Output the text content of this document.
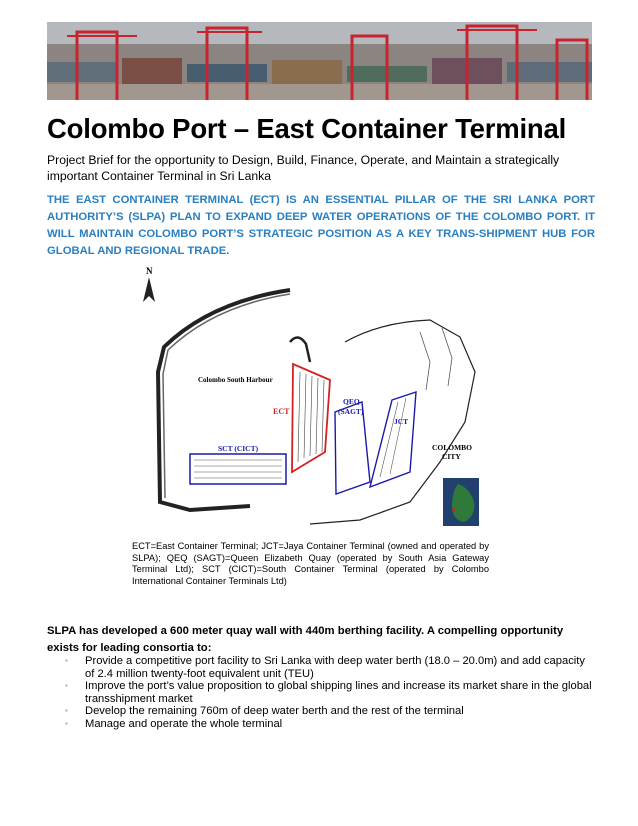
Colombo Port – East Container Terminal
Project Brief for the opportunity to Design, Build, Finance, Operate, and Maintain a strategically important Container Terminal in Sri Lanka
THE EAST CONTAINER TERMINAL (ECT) IS AN ESSENTIAL PILLAR OF THE SRI LANKA PORT AUTHORITY’S (SLPA) PLAN TO EXPAND DEEP WATER OPERATIONS OF THE COLOMBO PORT. IT WILL MAINTAIN COLOMBO PORT’S STRATEGIC POSITION AS A KEY TRANS-SHIPMENT HUB FOR GLOBAL AND REGIONAL TRADE.
N
Colombo South Harbour
ECT
QEQ
(SAGT)
JCT
SCT (CICT)	COLOMBO
CITY
ECT=East Container Terminal; JCT=Jaya Container Terminal (owned and operated by SLPA); QEQ (SAGT)=Queen Elizabeth Quay (operated by South Asia Gateway Terminal Ltd); SCT (CICT)=South Container Terminal (operated by Colombo International Container Terminals Ltd)
SLPA has developed a 600 meter quay wall with 440m berthing facility. A compelling opportunity exists for leading consortia to:
▪ Provide a competitive port facility to Sri Lanka with deep water berth (18.0 – 20.0m) and add capacity of 2.4 million twenty-foot equivalent unit (TEU)
▪ Improve the port’s value proposition to global shipping lines and increase its market share in the global transshipment market
▪ Develop the remaining 760m of deep water berth and the rest of the terminal
▪ Manage and operate the whole terminal
